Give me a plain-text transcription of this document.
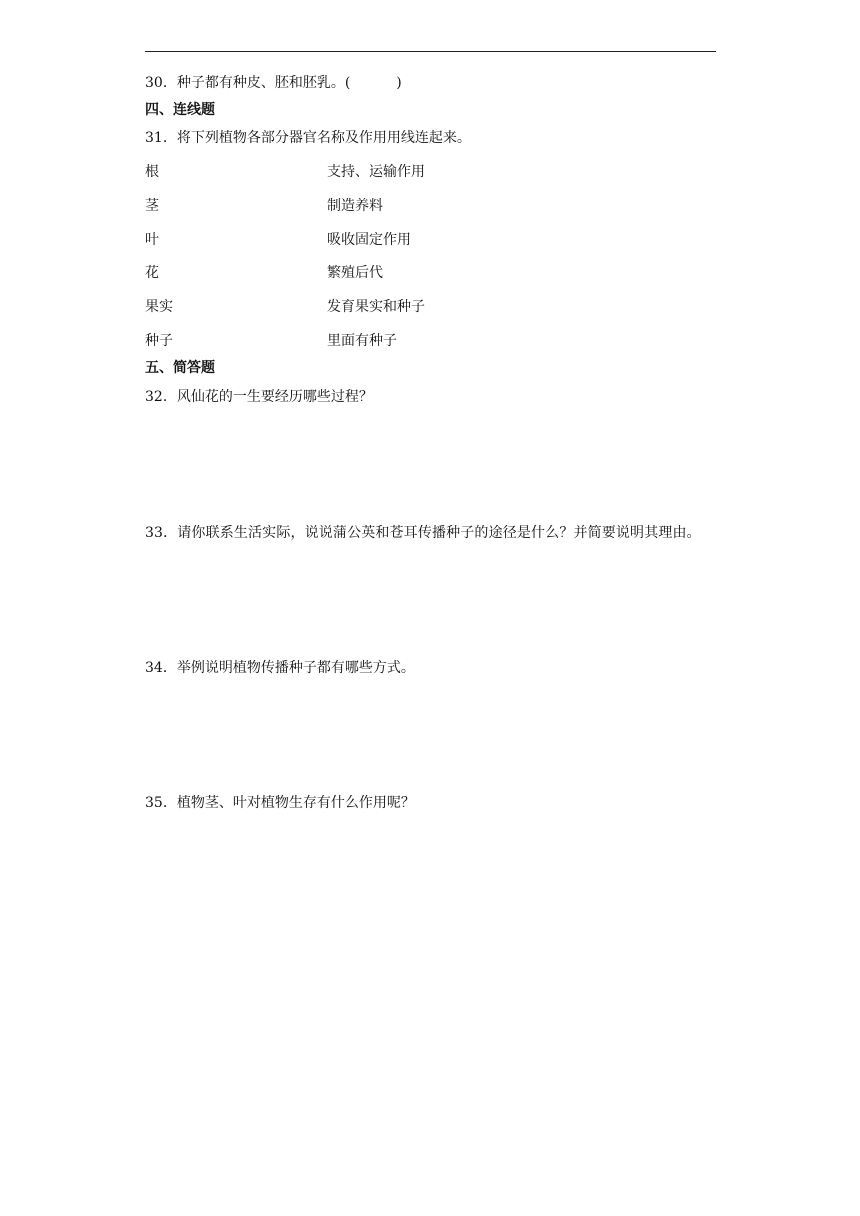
30．种子都有种皮、胚和胚乳。(	)
四、连线题
31．将下列植物各部分器官名称及作用用线连起来。
根	支持、运输作用
茎	制造养料
叶	吸收固定作用
花	繁殖后代
果实	发育果实和种子
种子	里面有种子
五、简答题
32．风仙花的一生要经历哪些过程？
33．请你联系生活实际，说说蒲公英和苍耳传播种子的途径是什么？并简要说明其理由。
34．举例说明植物传播种子都有哪些方式。
35．植物茎、叶对植物生存有什么作用呢？
